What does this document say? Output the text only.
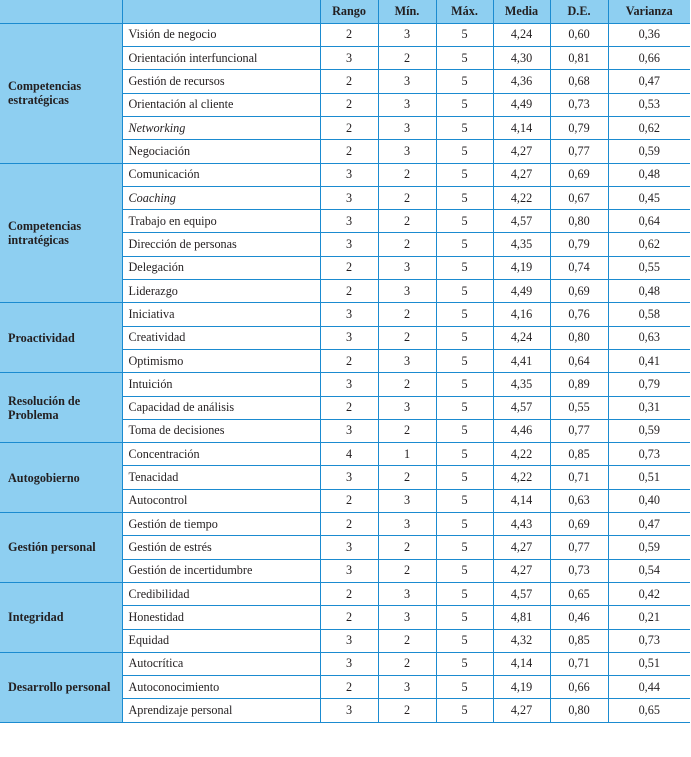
		Rango	Mín.	Máx.	Media	D.E.	Varianza
Competencias estratégicas	Visión de negocio	2	3	5	4,24	0,60	0,36
	Orientación interfuncional	3	2	5	4,30	0,81	0,66
	Gestión de recursos	2	3	5	4,36	0,68	0,47
	Orientación al cliente	2	3	5	4,49	0,73	0,53
	Networking	2	3	5	4,14	0,79	0,62
	Negociación	2	3	5	4,27	0,77	0,59
Competencias intratégicas	Comunicación	3	2	5	4,27	0,69	0,48
	Coaching	3	2	5	4,22	0,67	0,45
	Trabajo en equipo	3	2	5	4,57	0,80	0,64
	Dirección de personas	3	2	5	4,35	0,79	0,62
	Delegación	2	3	5	4,19	0,74	0,55
	Liderazgo	2	3	5	4,49	0,69	0,48
Proactividad	Iniciativa	3	2	5	4,16	0,76	0,58
	Creatividad	3	2	5	4,24	0,80	0,63
	Optimismo	2	3	5	4,41	0,64	0,41
Resolución de Problema	Intuición	3	2	5	4,35	0,89	0,79
	Capacidad de análisis	2	3	5	4,57	0,55	0,31
	Toma de decisiones	3	2	5	4,46	0,77	0,59
Autogobierno	Concentración	4	1	5	4,22	0,85	0,73
	Tenacidad	3	2	5	4,22	0,71	0,51
	Autocontrol	2	3	5	4,14	0,63	0,40
Gestión personal	Gestión de tiempo	2	3	5	4,43	0,69	0,47
	Gestión de estrés	3	2	5	4,27	0,77	0,59
	Gestión de incertidumbre	3	2	5	4,27	0,73	0,54
Integridad	Credibilidad	2	3	5	4,57	0,65	0,42
	Honestidad	2	3	5	4,81	0,46	0,21
	Equidad	3	2	5	4,32	0,85	0,73
Desarrollo personal	Autocrítica	3	2	5	4,14	0,71	0,51
	Autoconocimiento	2	3	5	4,19	0,66	0,44
	Aprendizaje personal	3	2	5	4,27	0,80	0,65
